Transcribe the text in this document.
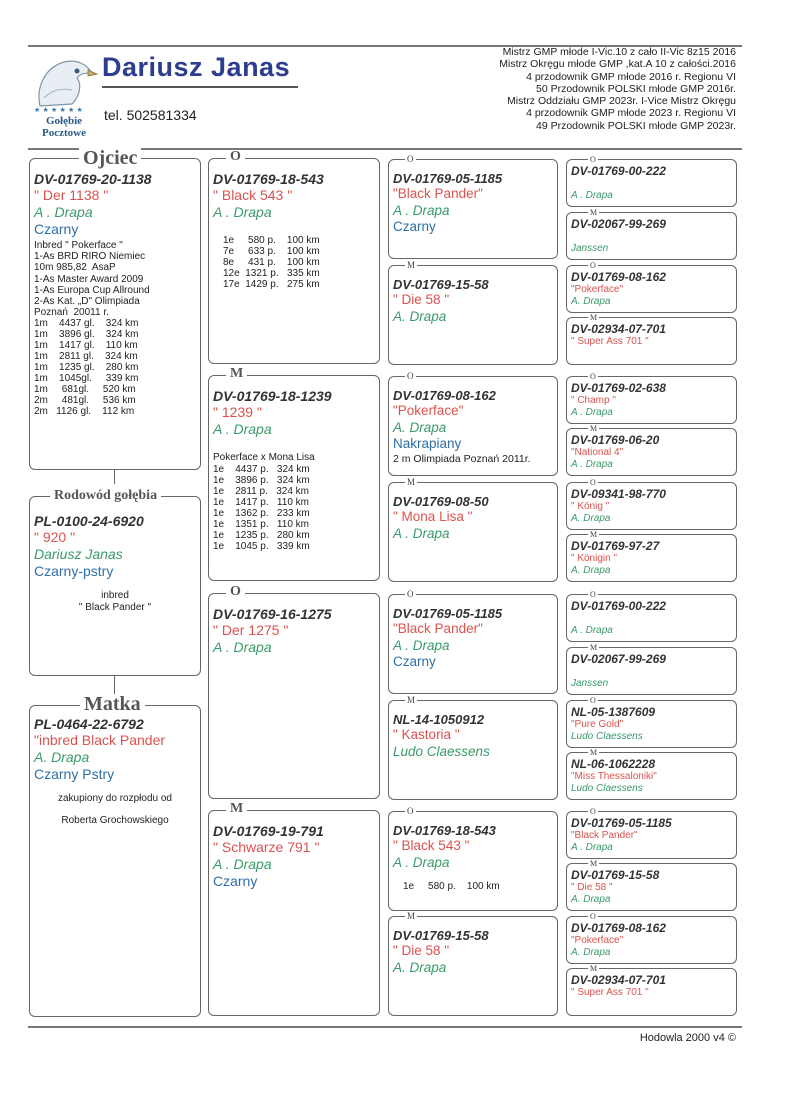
★ ★ ★ ★ ★ ★
Gołębie
Pocztowe
Dariusz Janas
tel. 502581334
Mistrz GMP młode I-Vic.10 z cało II-Vic 8z15 2016
Mistrz Okręgu młode GMP ,kat.A 10 z całości.2016
4 przodownik GMP młode 2016 r. Regionu VI
50 Przodownik POLSKI młode GMP 2016r.
Mistrz Oddziału GMP 2023r. I-Vice Mistrz Okręgu
4 przodownik GMP młode 2023 r. Regionu VI
49 Przodownik POLSKI młode GMP 2023r.
DV-01769-20-1138
" Der 1138 "
A . Drapa
Czarny
Inbred " Pokerface "
1-As BRD RIRO Niemiec
10m 985,82  AsaP
1-As Master Award 2009
1-As Europa Cup Allround
2-As Kat. „D" Olimpiada
Poznań  20011 r.
1m    4437 gl.    324 km
1m    3896 gl.    324 km
1m    1417 gl.    110 km
1m    2811 gl.    324 km
1m    1235 gl.    280 km
1m    1045gl.     339 km
1m     681gl.     520 km
2m     481gl.     536 km
2m   1126 gl.    112 km
Ojciec
PL-0100-24-6920
" 920 "
Dariusz Janas
Czarny-pstry
inbred
" Black Pander "
Rodowód gołębia
PL-0464-22-6792
"inbred Black Pander
A. Drapa
Czarny Pstry
zakupiony do rozpłodu od
Roberta Grochowskiego
Matka
DV-01769-18-543
" Black 543 "
A . Drapa
1e     580 p.    100 km
7e     633 p.    100 km
8e     431 p.    100 km
12e  1321 p.   335 km
17e  1429 p.   275 km
O
DV-01769-18-1239
" 1239 "
A . Drapa
Pokerface x Mona Lisa
1e    4437 p.   324 km
1e    3896 p.   324 km
1e    2811 p.   324 km
1e    1417 p.   110 km
1e    1362 p.   233 km
1e    1351 p.   110 km
1e    1235 p.   280 km
1e    1045 p.   339 km
M
DV-01769-16-1275
" Der 1275 "
A . Drapa
O
DV-01769-19-791
" Schwarze 791 "
A . Drapa
Czarny
M
DV-01769-05-1185
"Black Pander"
A . Drapa
Czarny
O
DV-01769-15-58
" Die 58 "
A. Drapa
M
DV-01769-08-162
"Pokerface"
A. Drapa
Nakrapiany
2 m Olimpiada Poznań 2011r.
O
DV-01769-08-50
" Mona Lisa "
A . Drapa
M
DV-01769-05-1185
"Black Pander"
A . Drapa
Czarny
O
NL-14-1050912
" Kastoria "
Ludo Claessens
M
DV-01769-18-543
" Black 543 "
A . Drapa
1e     580 p.    100 km
O
DV-01769-15-58
" Die 58 "
A. Drapa
M
DV-01769-00-222
A . Drapa
O
DV-02067-99-269
Janssen
M
DV-01769-08-162
"Pokerface"
A. Drapa
O
DV-02934-07-701
" Super Ass 701 "
M
DV-01769-02-638
" Champ "
A . Drapa
O
DV-01769-06-20
"National 4"
A . Drapa
M
DV-09341-98-770
" König "
A. Drapa
O
DV-01769-97-27
" Königin "
A. Drapa
M
DV-01769-00-222
A . Drapa
O
DV-02067-99-269
Janssen
M
NL-05-1387609
"Pure Gold"
Ludo Claessens
O
NL-06-1062228
"Miss Thessaloniki"
Ludo Claessens
M
DV-01769-05-1185
"Black Pander"
A . Drapa
O
DV-01769-15-58
" Die 58 "
A. Drapa
M
DV-01769-08-162
"Pokerface"
A. Drapa
O
DV-02934-07-701
" Super Ass 701 "
M
Hodowla 2000 v4 ©
